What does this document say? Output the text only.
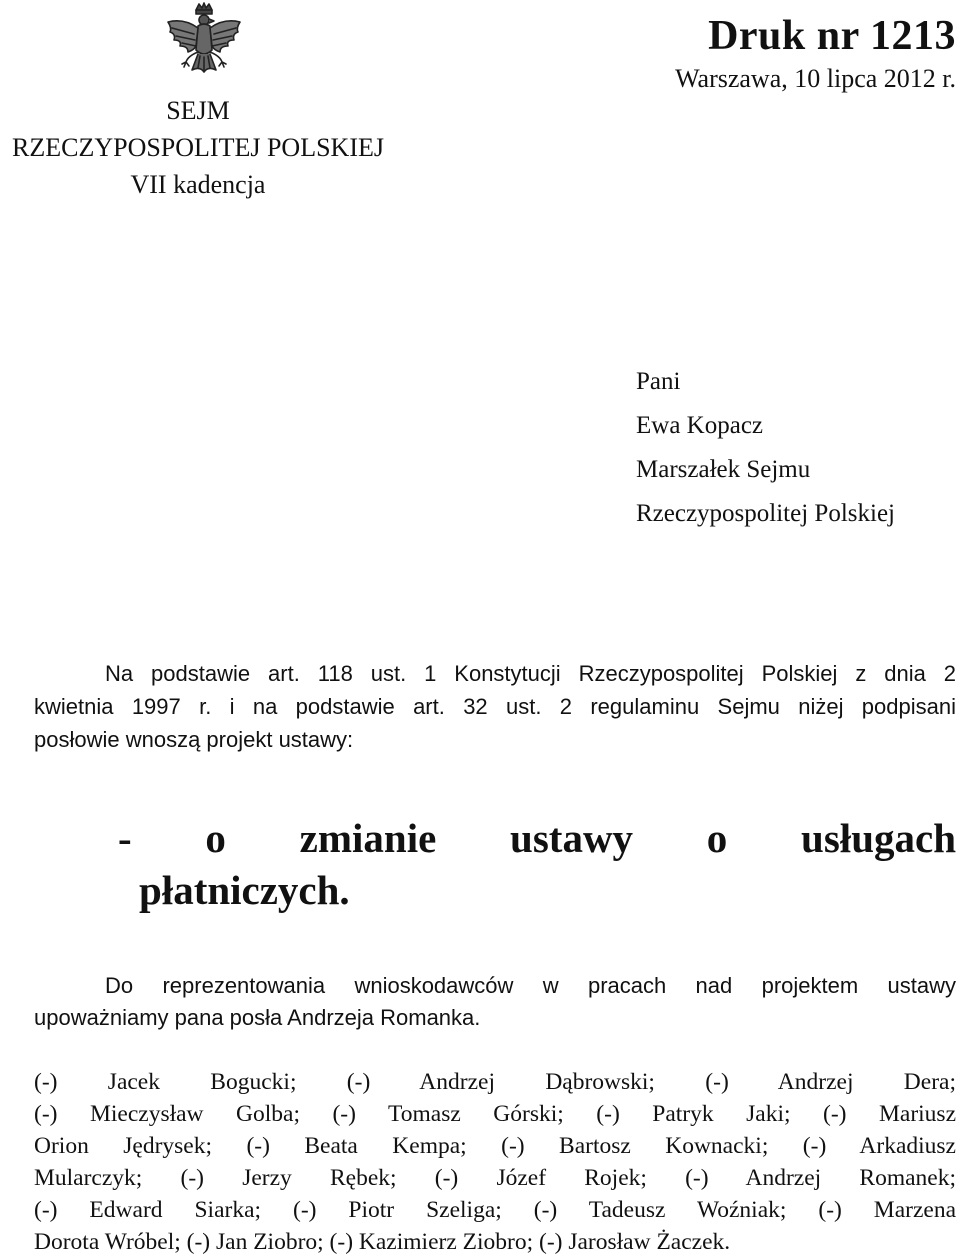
SEJM
RZECZYPOSPOLITEJ POLSKIEJ
VII kadencja
Druk nr 1213
Warszawa, 10 lipca 2012 r.
Pani
Ewa Kopacz
Marszałek Sejmu
Rzeczypospolitej Polskiej
Na podstawie art. 118 ust. 1 Konstytucji Rzeczypospolitej Polskiej z dnia 2
kwietnia 1997 r. i na podstawie art. 32 ust. 2 regulaminu Sejmu niżej podpisani
posłowie wnoszą projekt ustawy:
- o zmianie ustawy o usługach
płatniczych.
Do reprezentowania wnioskodawców w pracach nad projektem ustawy
upoważniamy pana posła Andrzeja Romanka.
(-) Jacek Bogucki; (-) Andrzej Dąbrowski; (-) Andrzej Dera;
(-) Mieczysław Golba; (-) Tomasz Górski; (-) Patryk Jaki; (-) Mariusz
Orion Jędrysek; (-) Beata Kempa; (-) Bartosz Kownacki; (-) Arkadiusz
Mularczyk; (-) Jerzy Rębek; (-) Józef Rojek; (-) Andrzej Romanek;
(-) Edward Siarka; (-) Piotr Szeliga; (-) Tadeusz Woźniak; (-) Marzena
Dorota Wróbel; (-) Jan Ziobro; (-) Kazimierz Ziobro; (-) Jarosław Żaczek.
